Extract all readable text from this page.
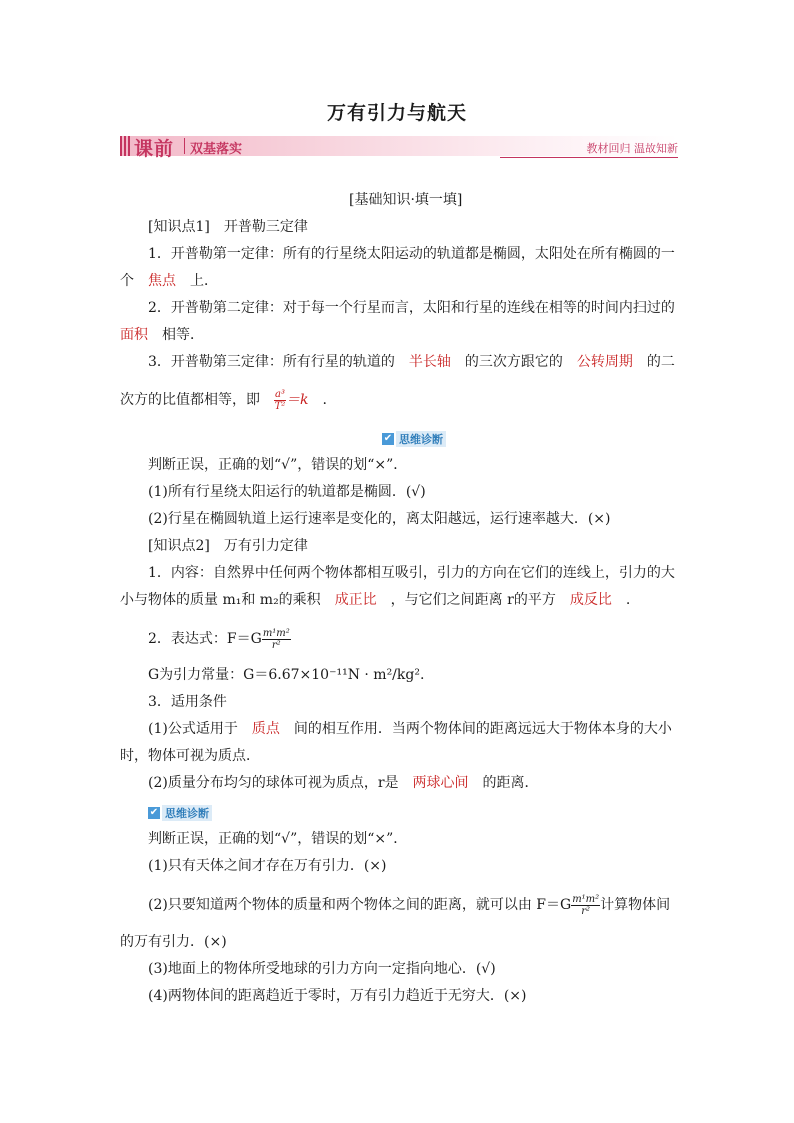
万有引力与航天
课前 双基落实	教材回归 温故知新
[基础知识·填一填]
[知识点1]　开普勒三定律
1．开普勒第一定律：所有的行星绕太阳运动的轨道都是椭圆，太阳处在所有椭圆的一
个　焦点　上．
2．开普勒第二定律：对于每一个行星而言，太阳和行星的连线在相等的时间内扫过的
面积　相等．
3．开普勒第三定律：所有行星的轨道的　半长轴　的三次方跟它的　公转周期　的二
次方的比值都相等，即　 $\frac{\text{a³}}{\text{T²}} =k$　.
✔ 思维诊断
判断正误，正确的划“√”，错误的划“×”．
(1)所有行星绕太阳运行的轨道都是椭圆．(√)
(2)行星在椭圆轨道上运行速率是变化的，离太阳越远，运行速率越大．(×)
[知识点2]　万有引力定律
1．内容：自然界中任何两个物体都相互吸引，引力的方向在它们的连线上，引力的大
小与物体的质量 m₁和 m₂的乘积　成正比　，与它们之间距离 r的平方　成反比　.
2．表达式：$F=G \frac{\text{m¹m²}}{\text{r²}}$
G为引力常量：G＝6.67×10⁻¹¹N · m²/kg².
3．适用条件
(1)公式适用于　质点　间的相互作用．当两个物体间的距离远远大于物体本身的大小
时，物体可视为质点．
(2)质量分布均匀的球体可视为质点，r是　两球心间　的距离．
✔ 思维诊断
判断正误，正确的划“√”，错误的划“×”．
(1)只有天体之间才存在万有引力．(×)
(2)只要知道两个物体的质量和两个物体之间的距离，就可以由 $F=G \frac{\text{m¹m²}}{\text{r²}}$ 计算物体间
的万有引力．(×)
(3)地面上的物体所受地球的引力方向一定指向地心．(√)
(4)两物体间的距离趋近于零时，万有引力趋近于无穷大．(×)
